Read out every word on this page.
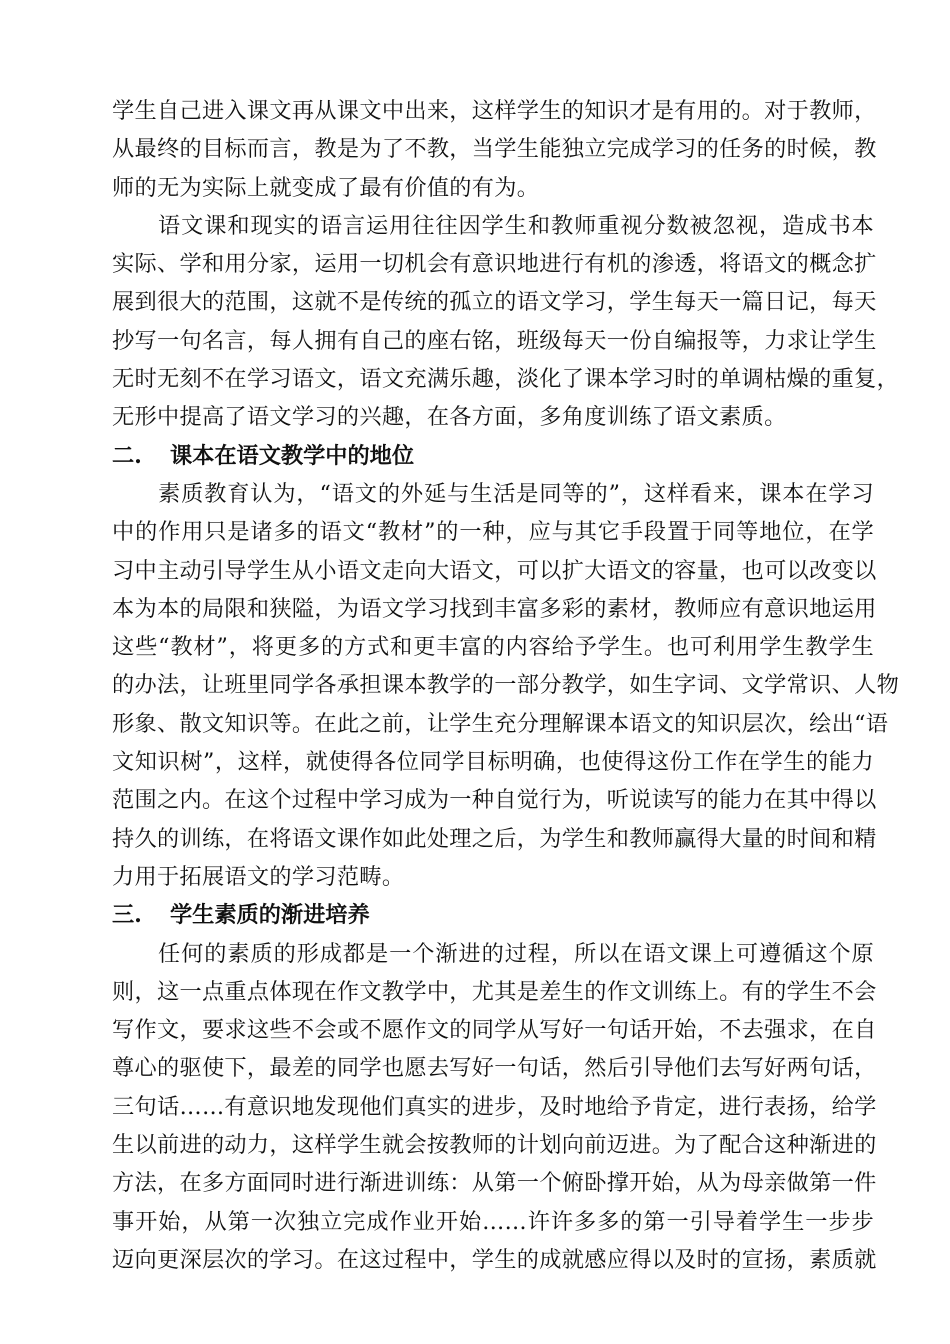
学生自己进入课文再从课文中出来，这样学生的知识才是有用的。对于教师，
从最终的目标而言，教是为了不教，当学生能独立完成学习的任务的时候，教
师的无为实际上就变成了最有价值的有为。
语文课和现实的语言运用往往因学生和教师重视分数被忽视，造成书本
实际、学和用分家，运用一切机会有意识地进行有机的渗透，将语文的概念扩
展到很大的范围，这就不是传统的孤立的语文学习，学生每天一篇日记，每天
抄写一句名言，每人拥有自己的座右铭，班级每天一份自编报等，力求让学生
无时无刻不在学习语文，语文充满乐趣，淡化了课本学习时的单调枯燥的重复，
无形中提高了语文学习的兴趣，在各方面，多角度训练了语文素质。
二. 课本在语文教学中的地位
素质教育认为，“语文的外延与生活是同等的”，这样看来，课本在学习
中的作用只是诸多的语文“教材”的一种，应与其它手段置于同等地位，在学
习中主动引导学生从小语文走向大语文，可以扩大语文的容量，也可以改变以
本为本的局限和狭隘，为语文学习找到丰富多彩的素材，教师应有意识地运用
这些“教材”，将更多的方式和更丰富的内容给予学生。也可利用学生教学生
的办法，让班里同学各承担课本教学的一部分教学，如生字词、文学常识、人物
形象、散文知识等。在此之前，让学生充分理解课本语文的知识层次，绘出“语
文知识树”，这样，就使得各位同学目标明确，也使得这份工作在学生的能力
范围之内。在这个过程中学习成为一种自觉行为，听说读写的能力在其中得以
持久的训练，在将语文课作如此处理之后，为学生和教师赢得大量的时间和精
力用于拓展语文的学习范畴。
三. 学生素质的渐进培养
任何的素质的形成都是一个渐进的过程，所以在语文课上可遵循这个原
则，这一点重点体现在作文教学中，尤其是差生的作文训练上。有的学生不会
写作文，要求这些不会或不愿作文的同学从写好一句话开始，不去强求，在自
尊心的驱使下，最差的同学也愿去写好一句话，然后引导他们去写好两句话，
三句话……有意识地发现他们真实的进步，及时地给予肯定，进行表扬，给学
生以前进的动力，这样学生就会按教师的计划向前迈进。为了配合这种渐进的
方法，在多方面同时进行渐进训练：从第一个俯卧撑开始，从为母亲做第一件
事开始，从第一次独立完成作业开始……许许多多的第一引导着学生一步步
迈向更深层次的学习。在这过程中，学生的成就感应得以及时的宣扬，素质就
